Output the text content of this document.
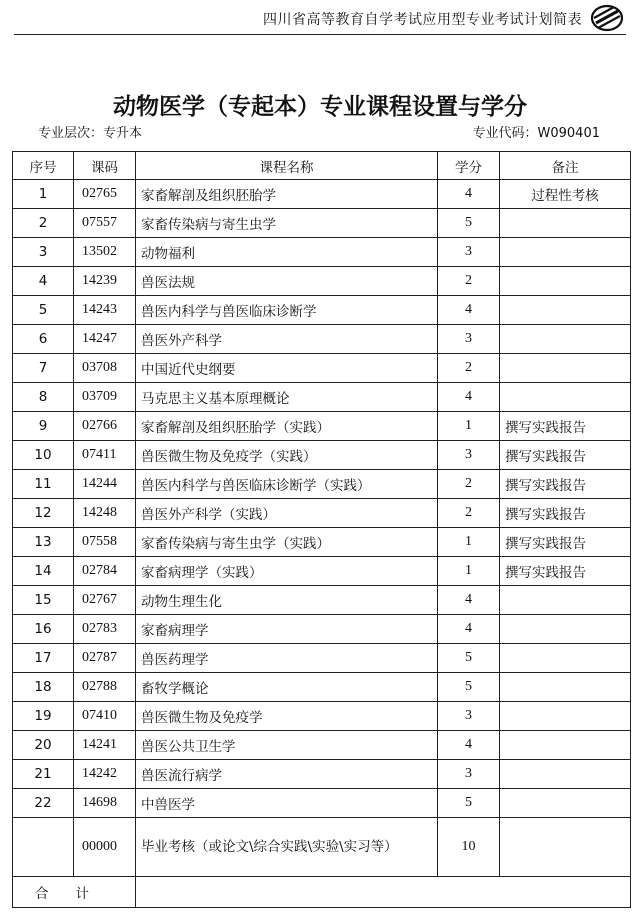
四川省高等教育自学考试应用型专业考试计划简表
动物医学（专起本）专业课程设置与学分
专业层次：专升本	专业代码：W090401
序号	课码	课程名称	学分	备注
1	02765	家畜解剖及组织胚胎学	4	过程性考核
2	07557	家畜传染病与寄生虫学	5	
3	13502	动物福利	3	
4	14239	兽医法规	2	
5	14243	兽医内科学与兽医临床诊断学	4	
6	14247	兽医外产科学	3	
7	03708	中国近代史纲要	2	
8	03709	马克思主义基本原理概论	4	
9	02766	家畜解剖及组织胚胎学（实践）	1	撰写实践报告
10	07411	兽医微生物及免疫学（实践）	3	撰写实践报告
11	14244	兽医内科学与兽医临床诊断学（实践）	2	撰写实践报告
12	14248	兽医外产科学（实践）	2	撰写实践报告
13	07558	家畜传染病与寄生虫学（实践）	1	撰写实践报告
14	02784	家畜病理学（实践）	1	撰写实践报告
15	02767	动物生理生化	4	
16	02783	家畜病理学	4	
17	02787	兽医药理学	5	
18	02788	畜牧学概论	5	
19	07410	兽医微生物及免疫学	3	
20	14241	兽医公共卫生学	4	
21	14242	兽医流行病学	3	
22	14698	中兽医学	5	
	00000	毕业考核（或论文\综合实践\实验\实习等）	10	
合　　计				
